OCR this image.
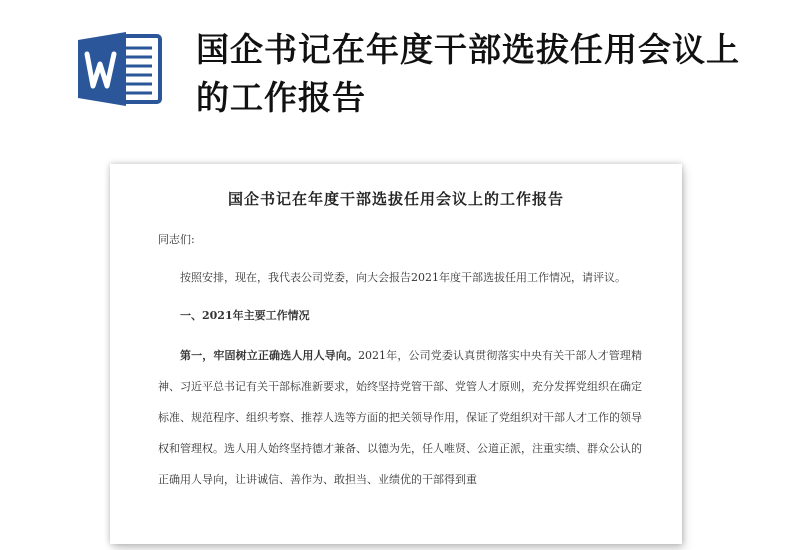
国企书记在年度干部选拔任用会议上的工作报告
国企书记在年度干部选拔任用会议上的工作报告

同志们:

按照安排，现在，我代表公司党委，向大会报告2021年度干部选拔任用工作情况，请评议。

一、2021年主要工作情况

第一，牢固树立正确选人用人导向。2021年，公司党委认真贯彻落实中央有关干部人才管理精神、习近平总书记有关干部标准新要求，始终坚持党管干部、党管人才原则，充分发挥党组织在确定标准、规范程序、组织考察、推荐人选等方面的把关领导作用，保证了党组织对干部人才工作的领导权和管理权。选人用人始终坚持德才兼备、以德为先，任人唯贤、公道正派，注重实绩、群众公认的正确用人导向，让讲诚信、善作为、敢担当、业绩优的干部得到重
